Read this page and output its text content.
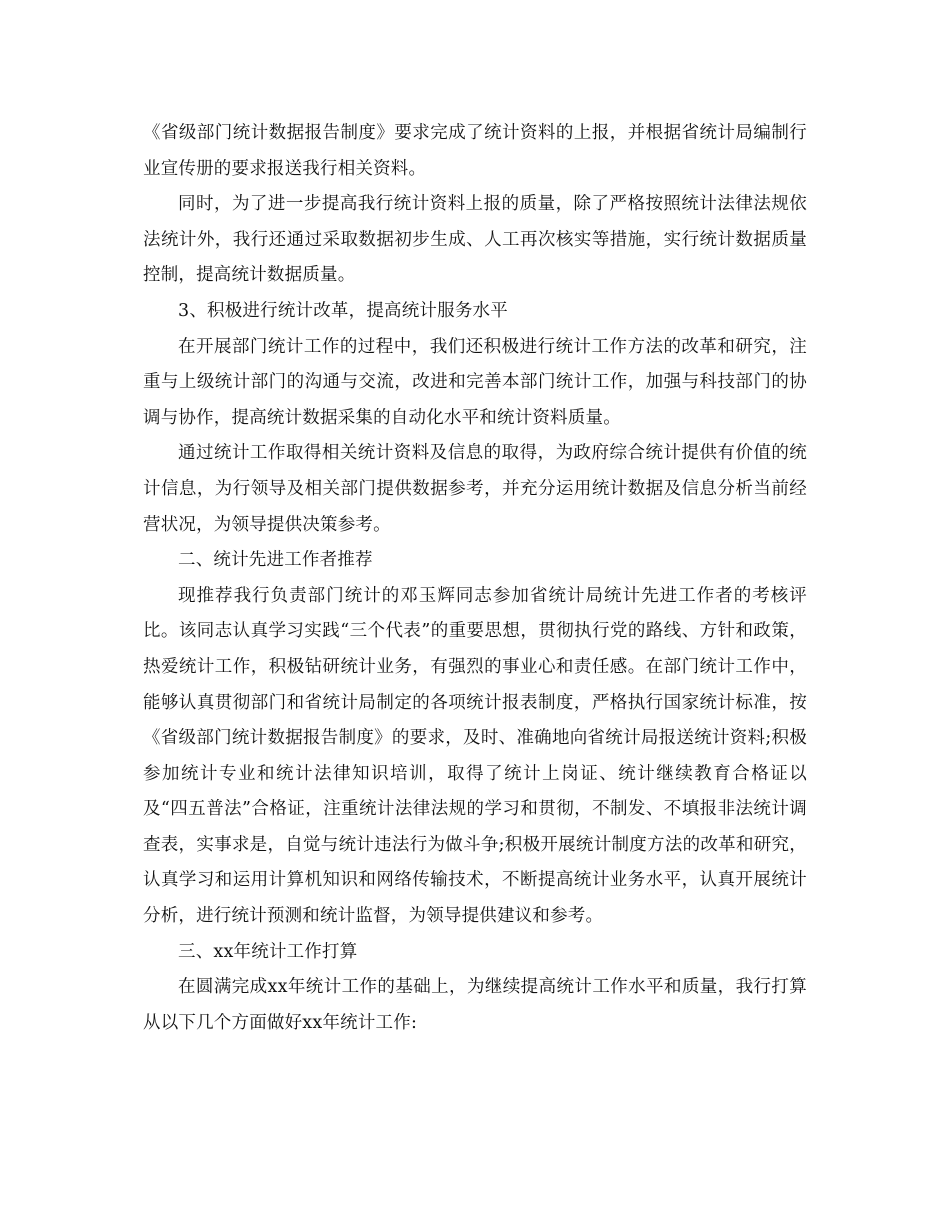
《省级部门统计数据报告制度》要求完成了统计资料的上报，并根据省统计局编制行业宣传册的要求报送我行相关资料。

同时，为了进一步提高我行统计资料上报的质量，除了严格按照统计法律法规依法统计外，我行还通过采取数据初步生成、人工再次核实等措施，实行统计数据质量控制，提高统计数据质量。

3、积极进行统计改革，提高统计服务水平

在开展部门统计工作的过程中，我们还积极进行统计工作方法的改革和研究，注重与上级统计部门的沟通与交流，改进和完善本部门统计工作，加强与科技部门的协调与协作，提高统计数据采集的自动化水平和统计资料质量。

通过统计工作取得相关统计资料及信息的取得，为政府综合统计提供有价值的统计信息，为行领导及相关部门提供数据参考，并充分运用统计数据及信息分析当前经营状况，为领导提供决策参考。

二、统计先进工作者推荐

现推荐我行负责部门统计的邓玉辉同志参加省统计局统计先进工作者的考核评比。该同志认真学习实践“三个代表”的重要思想，贯彻执行党的路线、方针和政策，热爱统计工作，积极钻研统计业务，有强烈的事业心和责任感。在部门统计工作中，能够认真贯彻部门和省统计局制定的各项统计报表制度，严格执行国家统计标准，按《省级部门统计数据报告制度》的要求，及时、准确地向省统计局报送统计资料;积极参加统计专业和统计法律知识培训，取得了统计上岗证、统计继续教育合格证以及“四五普法”合格证，注重统计法律法规的学习和贯彻，不制发、不填报非法统计调查表，实事求是，自觉与统计违法行为做斗争;积极开展统计制度方法的改革和研究，认真学习和运用计算机知识和网络传输技术，不断提高统计业务水平，认真开展统计分析，进行统计预测和统计监督，为领导提供建议和参考。

三、xx年统计工作打算

在圆满完成xx年统计工作的基础上，为继续提高统计工作水平和质量，我行打算从以下几个方面做好xx年统计工作:
